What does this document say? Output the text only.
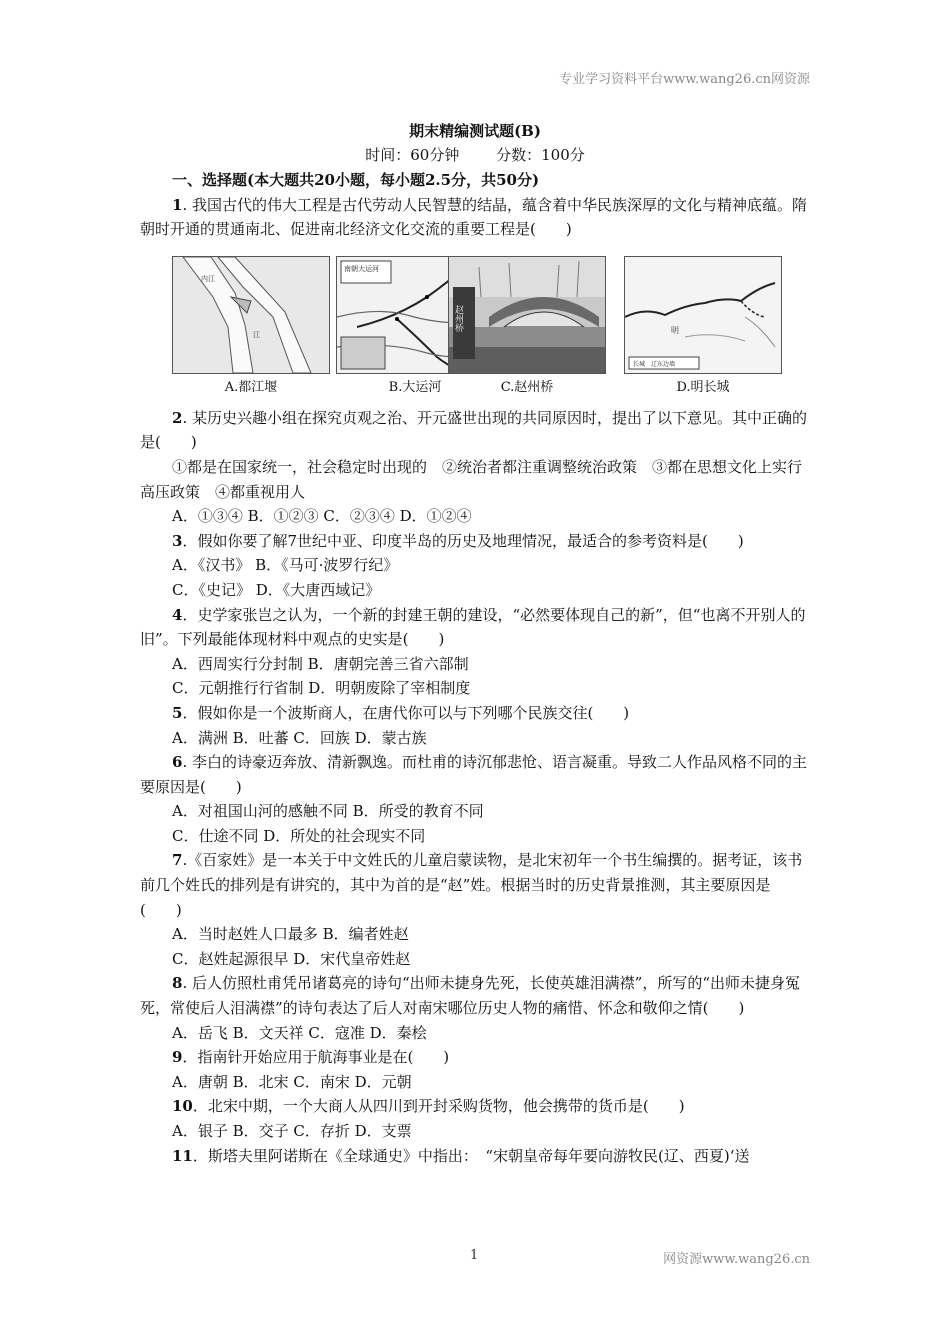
专业学习资料平台www.wang26.cn网资源
期末精编测试题(B)
时间：60分钟 分数：100分

一、选择题(本大题共20小题，每小题2.5分，共50分)

1. 我国古代的伟大工程是古代劳动人民智慧的结晶，蕴含着中华民族深厚的文化与精神底蕴。隋朝时开通的贯通南北、促进南北经济文化交流的重要工程是(　　)

江
内江
A.都江堰
南朝大运河
B.大运河
赵州桥
C.赵州桥
明
长城　辽东边墙
D.明长城

2. 某历史兴趣小组在探究贞观之治、开元盛世出现的共同原因时，提出了以下意见。其中正确的是(　　)

①都是在国家统一，社会稳定时出现的　②统治者都注重调整统治政策　③都在思想文化上实行高压政策　④都重视用人

A．①③④ B．①②③ C．②③④ D．①②④

3．假如你要了解7世纪中亚、印度半岛的历史及地理情况，最适合的参考资料是(　　)

A．《汉书》 B．《马可·波罗行纪》

C．《史记》 D．《大唐西域记》

4．史学家张岂之认为，一个新的封建王朝的建设，“必然要体现自己的新”，但“也离不开别人的旧”。下列最能体现材料中观点的史实是(　　)

A．西周实行分封制 B．唐朝完善三省六部制

C．元朝推行行省制 D．明朝废除了宰相制度

5．假如你是一个波斯商人，在唐代你可以与下列哪个民族交往(　　)

A．满洲 B．吐蕃 C．回族 D．蒙古族

6. 李白的诗豪迈奔放、清新飘逸。而杜甫的诗沉郁悲怆、语言凝重。导致二人作品风格不同的主要原因是(　　)

A．对祖国山河的感触不同 B．所受的教育不同

C．仕途不同 D．所处的社会现实不同

7.《百家姓》是一本关于中文姓氏的儿童启蒙读物，是北宋初年一个书生编撰的。据考证，该书前几个姓氏的排列是有讲究的，其中为首的是“赵”姓。根据当时的历史背景推测，其主要原因是(　　)

A．当时赵姓人口最多 B．编者姓赵

C．赵姓起源很早 D．宋代皇帝姓赵

8. 后人仿照杜甫凭吊诸葛亮的诗句“出师未捷身先死，长使英雄泪满襟”，所写的“出师未捷身冤死，常使后人泪满襟”的诗句表达了后人对南宋哪位历史人物的痛惜、怀念和敬仰之情(　　)

A．岳飞 B．文天祥 C．寇准 D．秦桧

9．指南针开始应用于航海事业是在(　　)

A．唐朝 B．北宋 C．南宋 D．元朝

10．北宋中期，一个大商人从四川到开封采购货物，他会携带的货币是(　　)

A．银子 B．交子 C．存折 D．支票

11．斯塔夫里阿诺斯在《全球通史》中指出：　“宋朝皇帝每年要向游牧民(辽、西夏)‘送

1	网资源www.wang26.cn
